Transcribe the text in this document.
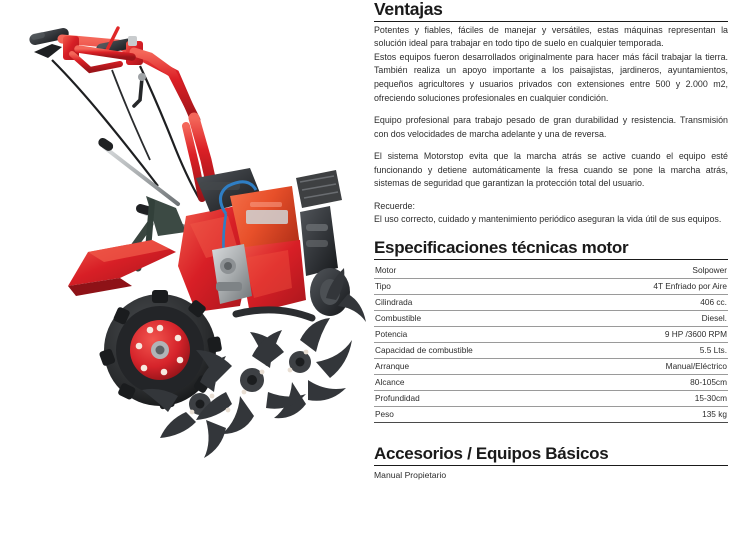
Ventajas

Potentes y fiables, fáciles de manejar y versátiles, estas máquinas representan la solución ideal para trabajar en todo tipo de suelo en cualquier temporada.

Estos equipos fueron desarrollados originalmente para hacer más fácil trabajar la tierra. También realiza un apoyo importante a los paisajistas, jardineros, ayuntamientos, pequeños agricultores y usuarios privados con extensiones entre 500 y 2.000 m2, ofreciendo soluciones profesionales en cualquier condición.

Equipo profesional para trabajo pesado de gran durabilidad y resistencia. Transmisión con dos velocidades de marcha adelante y una de reversa.

El sistema Motorstop evita que la marcha atrás se active cuando el equipo esté funcionando y detiene automáticamente la fresa cuando se pone la marcha atrás, sistemas de seguridad que garantizan la protección total del usuario.

Recuerde:

El uso correcto, cuidado y mantenimiento periódico aseguran la vida útil de sus equipos.

Especificaciones técnicas motor
Motor	Solpower
Tipo	4T Enfriado por Aire
Cilindrada	406 cc.
Combustible	Diesel.
Potencia	9 HP /3600 RPM
Capacidad de combustible	5.5 Lts.
Arranque	Manual/Eléctrico
Alcance	80-105cm
Profundidad	15-30cm
Peso	135 kg
Accesorios / Equipos Básicos

Manual Propietario
